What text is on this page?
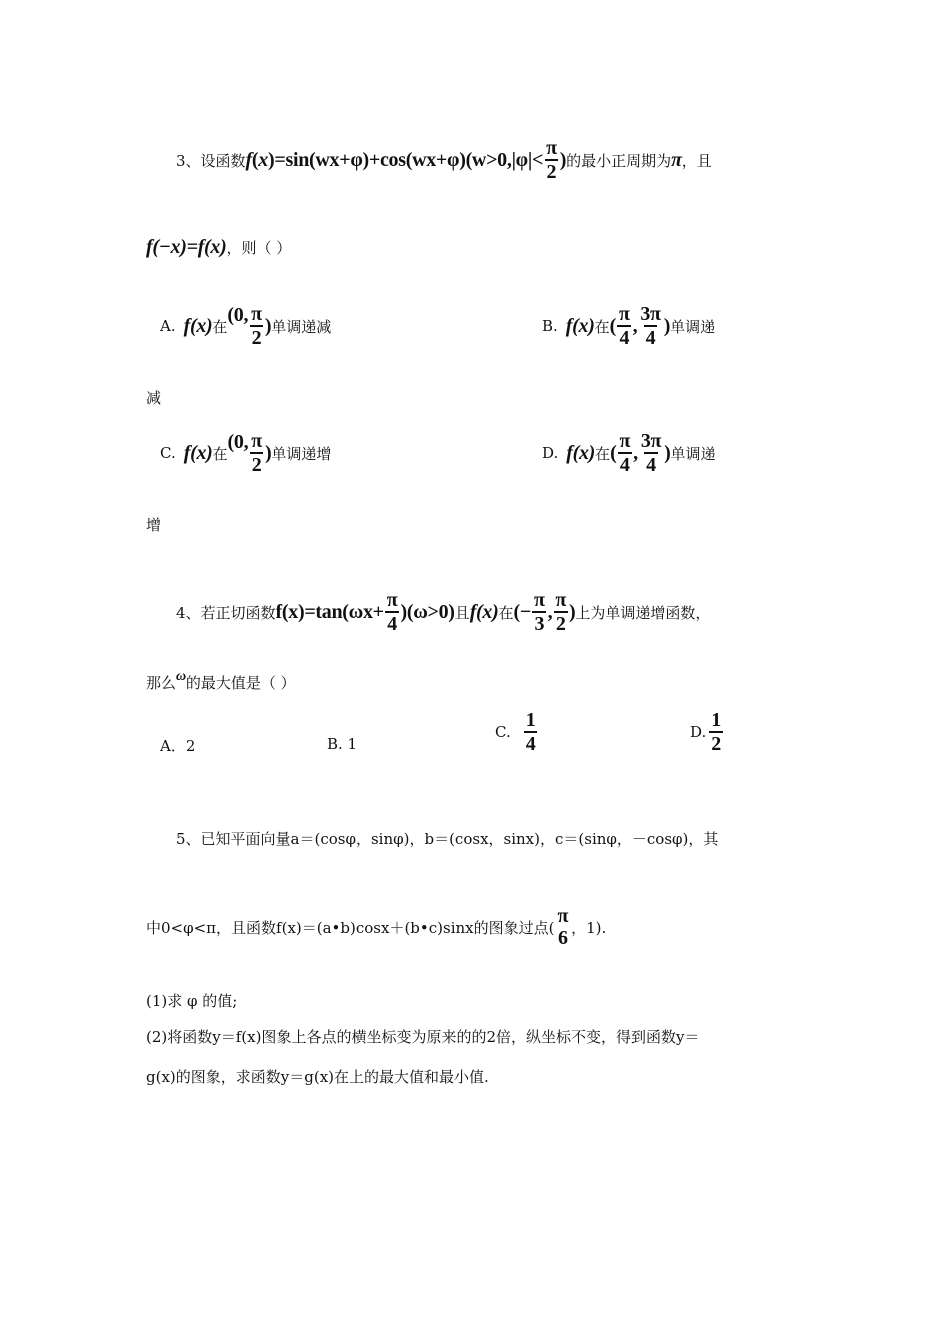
3、设函数 $f(x)=\sin(wx+\varphi)+\cos(wx+\varphi)(w>0,|\varphi|< \frac{\pi}{2}$ ) 的最小正周期为 π ，且
f(−x)=f(x) ，则（ ）
A. f(x) 在
(0, $\frac{\pi}{2}$ ) 单调递减	B. f(x) 在 ( $\frac{\pi}{4}$ , $\frac{3\pi}{4}$ ) 单调递
减
C. f(x) 在
(0, $\frac{\pi}{2}$ ) 单调递增	D. f(x) 在 ( $\frac{\pi}{4}$ , $\frac{3\pi}{4}$ ) 单调递
增
4、若正切函数 $f(x)=\tan(\omega x+ \frac{\pi}{4} )(\omega>0)$ 且 f(x) 在 (− $\frac{\pi}{3}$ , $\frac{\pi}{2}$ ) 上为单调递增函数，
那么 ω 的最大值是（ ）
A．2	B. 1
C. $\frac{1}{4}$	D. $\frac{1}{2}$
5、已知平面向量a＝(cosφ，sinφ)，b＝(cosx，sinx)，c＝(sinφ，－cosφ)，其
中0<φ<π，且函数f(x)＝(a•b)cosx＋(b•c)sinx的图象过点(
π
6 ，1).
(1)求 φ 的值;
(2)将函数y＝f(x)图象上各点的横坐标变为原来的的2倍，纵坐标不变，得到函数y＝
g(x)的图象，求函数y＝g(x)在上的最大值和最小值.
